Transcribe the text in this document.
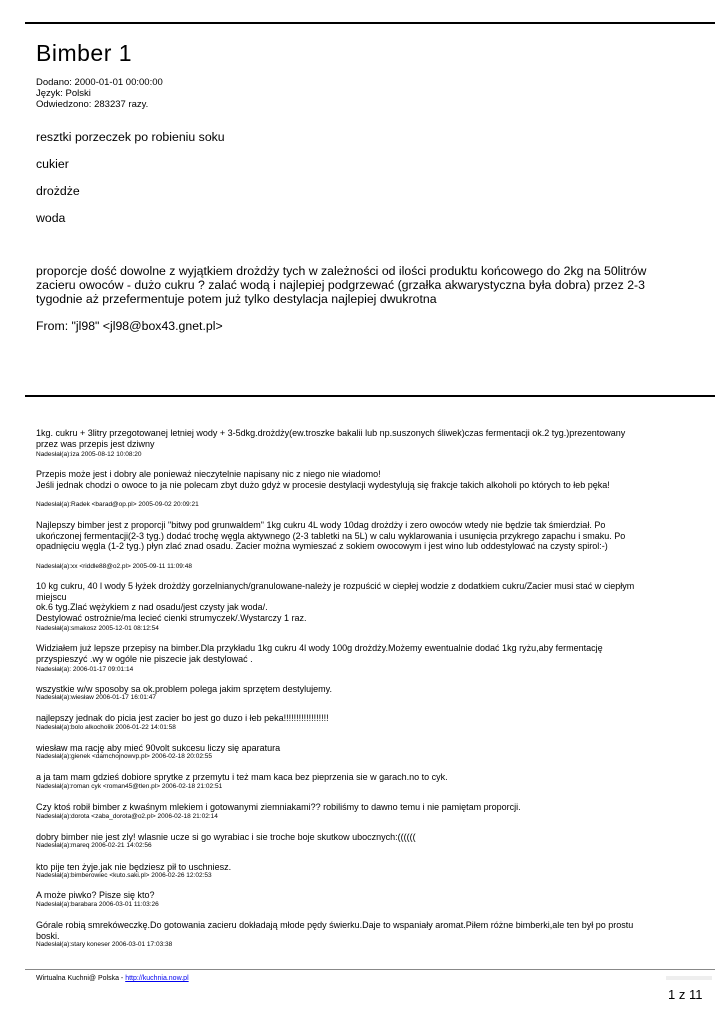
Bimber 1
Dodano: 2000-01-01 00:00:00
Język: Polski
Odwiedzono: 283237 razy.
resztki porzeczek po robieniu soku
cukier
drożdże
woda
proporcje dość dowolne z wyjątkiem drożdży tych w zależności od ilości produktu końcowego do 2kg na 50litrów zacieru owoców - dużo cukru ? zalać wodą i najlepiej podgrzewać (grzałka akwarystyczna była dobra) przez 2-3 tygodnie aż przefermentuje potem już tylko destylacja najlepiej dwukrotna
From: "jl98" <jl98@box43.gnet.pl>
1kg. cukru + 3litry przegotowanej letniej wody + 3-5dkg.drożdży(ew.troszke bakalii lub np.suszonych śliwek)czas fermentacji ok.2 tyg.)prezentowany przez was przepis jest dziwny
Nadesłał(a):iza 2005-08-12 10:08:20
Przepis może jest i dobry ale ponieważ nieczytelnie napisany nic z niego nie wiadomo!
Jeśli jednak chodzi o owoce to ja nie polecam zbyt dużo gdyż w procesie destylacji wydestylują się frakcje takich alkoholi po których to łeb pęka!
Nadesłał(a):Radek <barad@op.pl> 2005-09-02 20:09:21
Najlepszy bimber jest z proporcji "bitwy pod grunwaldem" 1kg cukru 4L wody 10dag drożdży i zero owoców wtedy nie będzie tak śmierdział. Po ukończonej fermentacji(2-3 tyg.) dodać trochę węgla aktywnego (2-3 tabletki na 5L) w calu wyklarowania i usunięcia przykrego zapachu i smaku. Po opadnięciu węgla (1-2 tyg.) płyn zlać znad osadu. Zacier można wymieszać z sokiem owocowym i jest wino lub oddestylować na czysty spirol:-)
Nadesłał(a):xx <riddle88@o2.pl> 2005-09-11 11:09:48
10 kg cukru, 40 l wody 5 łyżek drożdży gorzelnianych/granulowane-należy je rozpuścić w ciepłej wodzie z dodatkiem cukru/Zacier musi stać w ciepłym miejscu
ok.6 tyg.Zlać wężykiem z nad osadu/jest czysty jak woda/.
Destylować ostrożnie/ma lecieć cienki strumyczek/.Wystarczy 1 raz.
Nadesłał(a):smakosz 2005-12-01 08:12:54
Widziałem już lepsze przepisy na bimber.Dla przykładu 1kg cukru 4l wody 100g drożdży.Możemy ewentualnie dodać 1kg ryżu,aby fermentację przyspieszyć .wy w ogóle nie piszecie jak destylować .
Nadesłał(a): 2006-01-17 09:01:14
wszystkie w/w sposoby sa ok.problem polega jakim sprzętem destylujemy.
Nadesłał(a):wiesław 2006-01-17 16:01:47
najlepszy jednak do picia jest zacier bo jest go duzo i łeb peka!!!!!!!!!!!!!!!!!!
Nadesłał(a):bolo alkocholik 2006-01-22 14:01:58
wiesław ma rację aby mieć 90volt sukcesu liczy się aparatura
Nadesłał(a):gienek <damchojnowvp.pl> 2006-02-18 20:02:55
a ja tam mam gdzieś dobiore sprytke z przemytu i też mam kaca bez pieprzenia sie w garach.no to cyk.
Nadesłał(a):roman cyk <roman45@tlen.pl> 2006-02-18 21:02:51
Czy ktoś robił bimber z kwaśnym mlekiem i gotowanymi ziemniakami?? robiliśmy to dawno temu i nie pamiętam proporcji.
Nadesłał(a):dorota <zaba_dorota@o2.pl> 2006-02-18 21:02:14
dobry bimber nie jest zly! wlasnie ucze si go wyrabiac i sie troche boje skutkow ubocznych:((((((
Nadesłał(a):mareq 2006-02-21 14:02:56
kto pije ten żyje.jak nie będziesz pił to uschniesz.
Nadesłał(a):bimberowiec <kuto.saki.pl> 2006-02-26 12:02:53
A może piwko? Pisze się kto?
Nadesłał(a):barabara 2006-03-01 11:03:26
Górale robią smrekóweczkę.Do gotowania zacieru dokładają młode pędy świerku.Daje to wspaniały aromat.Piłem różne bimberki,ale ten był po prostu boski.
Nadesłał(a):stary koneser 2006-03-01 17:03:38
Wirtualna Kuchni@ Polska - http://kuchnia.now.pl
1 z 11
